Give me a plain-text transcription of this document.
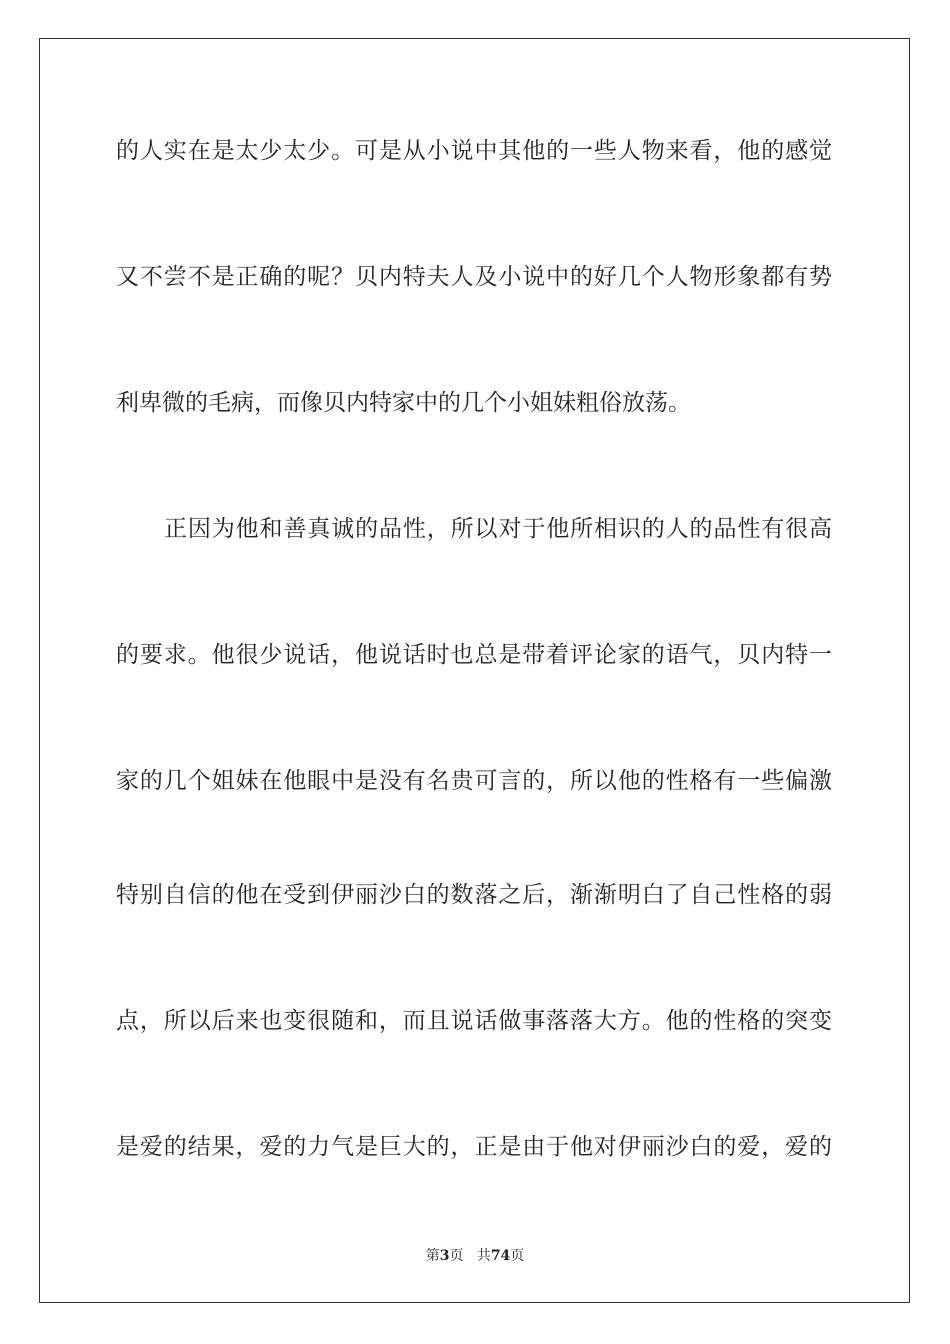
的人实在是太少太少。可是从小说中其他的一些人物来看，他的感觉
又不尝不是正确的呢？贝内特夫人及小说中的好几个人物形象都有势
利卑微的毛病，而像贝内特家中的几个小姐妹粗俗放荡。
正因为他和善真诚的品性，所以对于他所相识的人的品性有很高
的要求。他很少说话，他说话时也总是带着评论家的语气，贝内特一
家的几个姐妹在他眼中是没有名贵可言的，所以他的性格有一些偏激
特别自信的他在受到伊丽沙白的数落之后，渐渐明白了自己性格的弱
点，所以后来也变很随和，而且说话做事落落大方。他的性格的突变
是爱的结果，爱的力气是巨大的，正是由于他对伊丽沙白的爱，爱的
第3页 共74页
